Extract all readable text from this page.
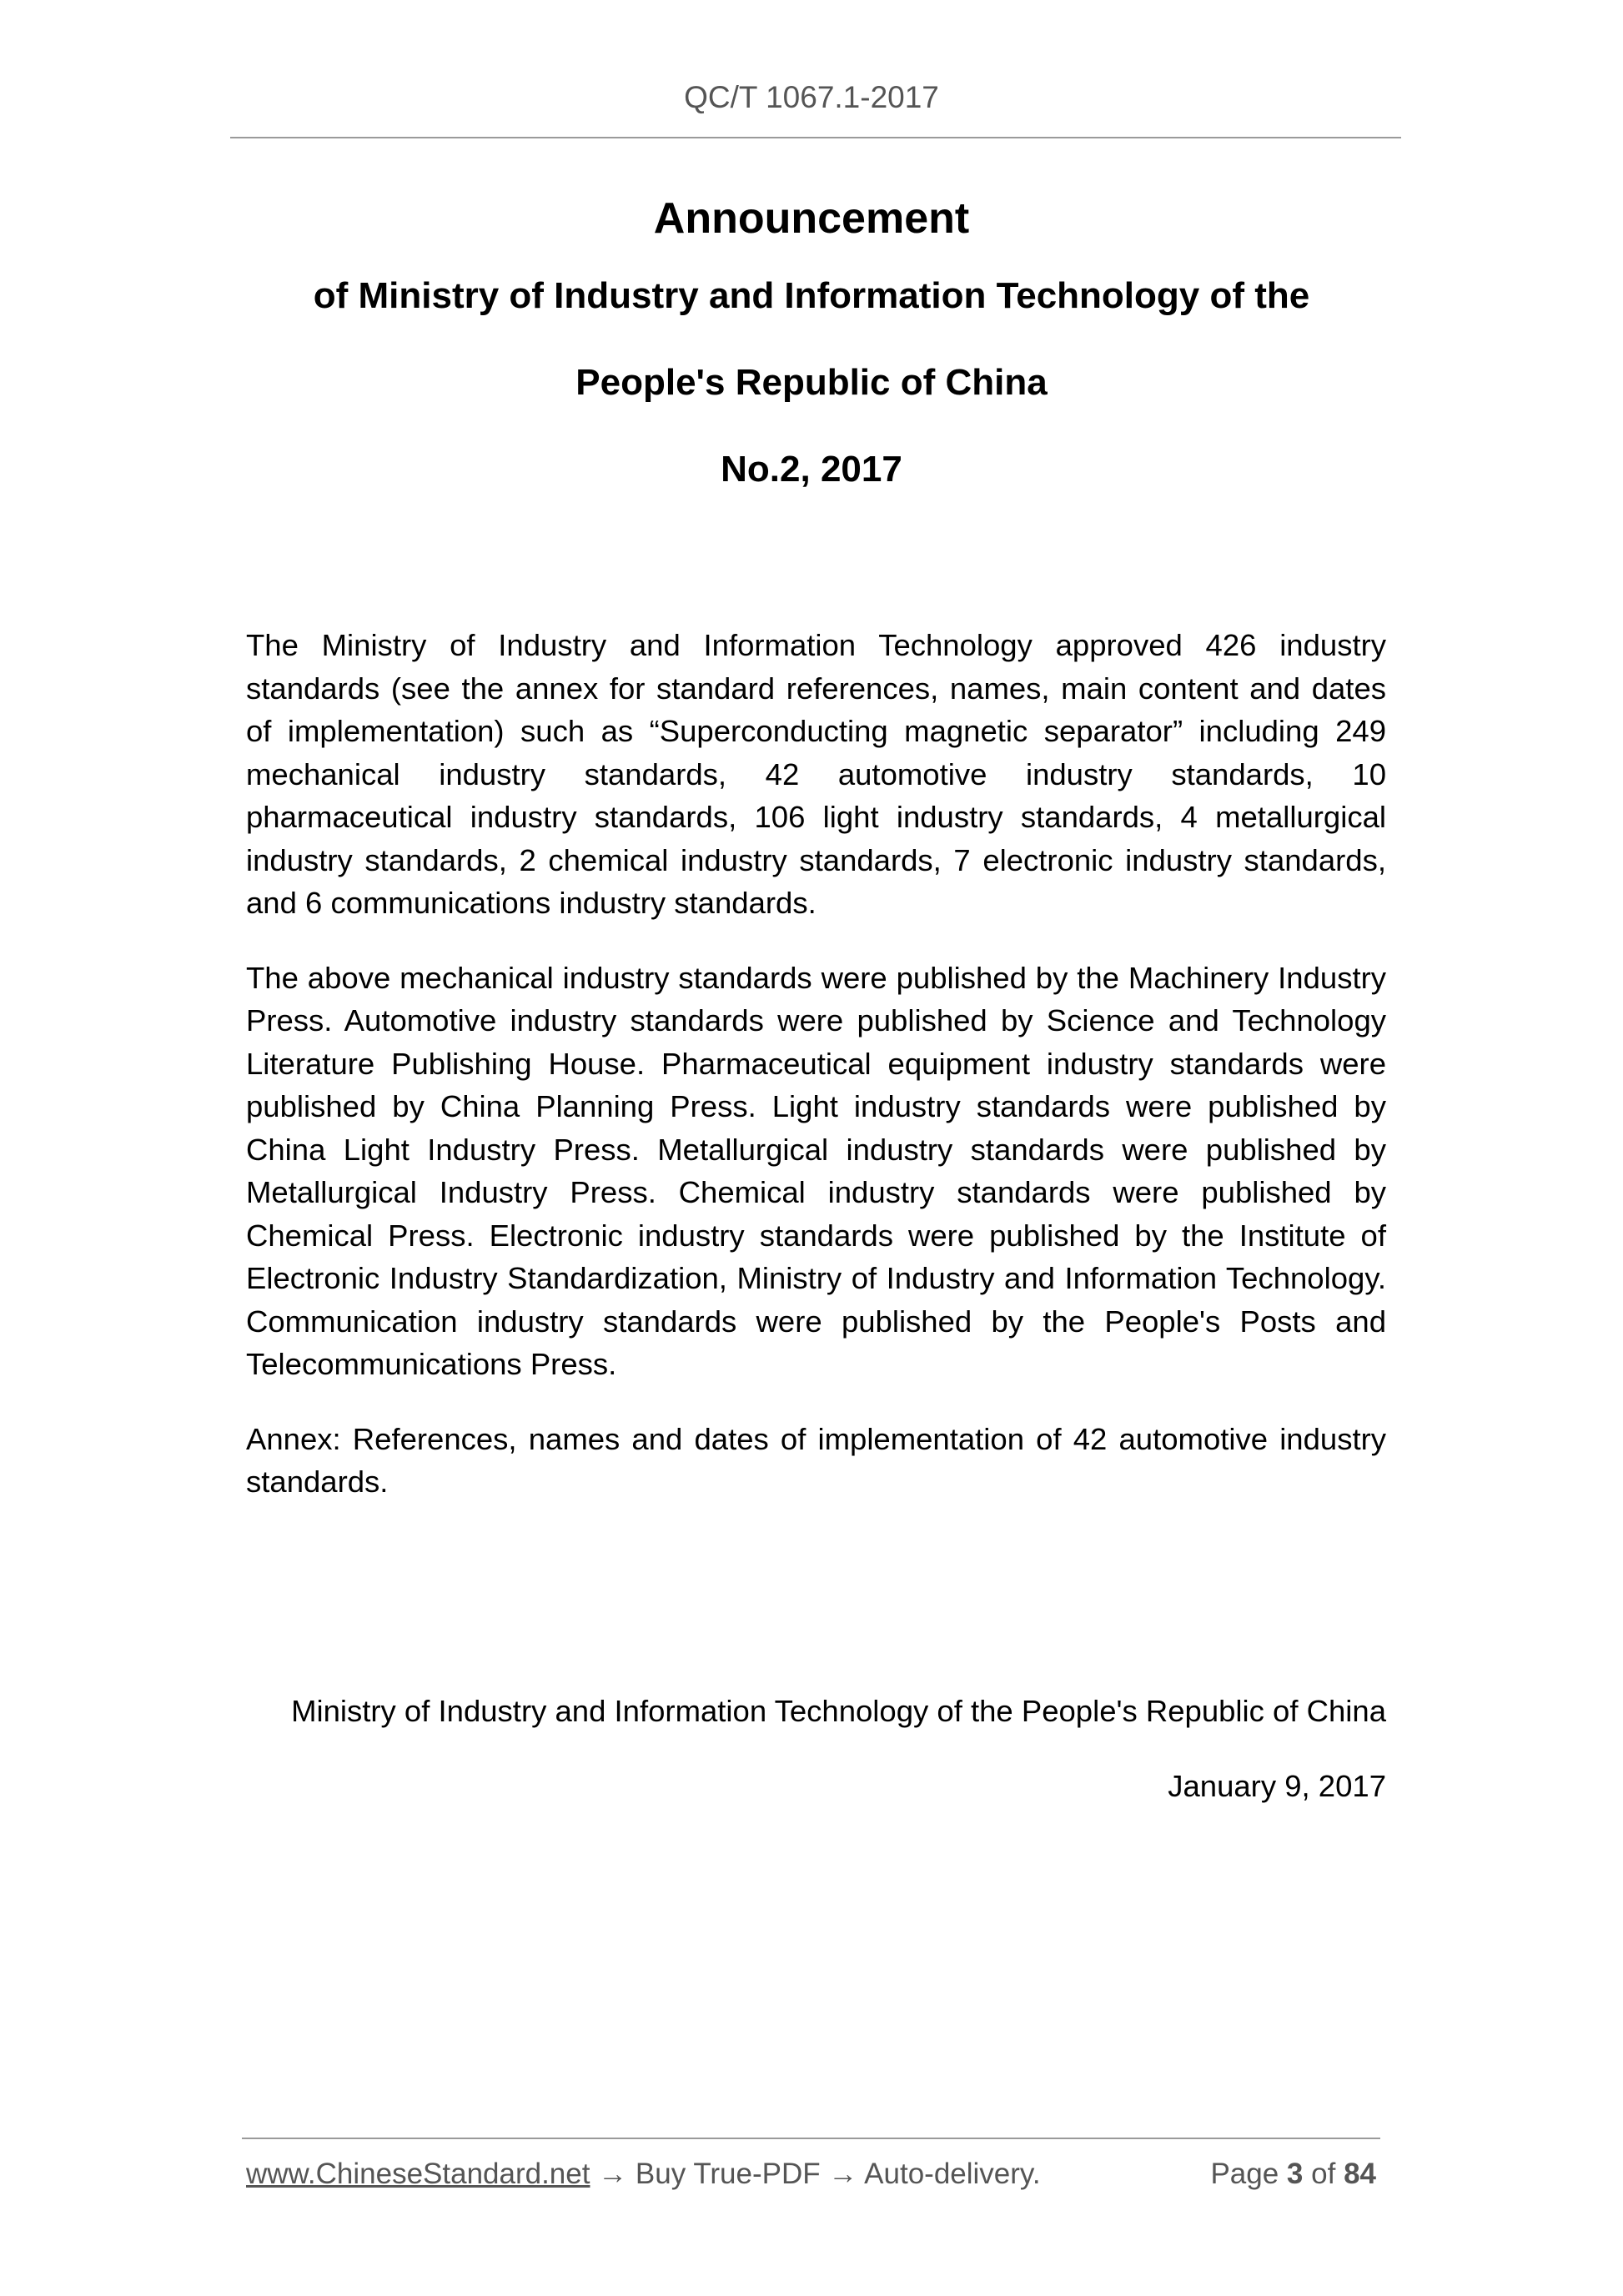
QC/T 1067.1-2017
Announcement
of Ministry of Industry and Information Technology of the
People's Republic of China
No.2, 2017

The Ministry of Industry and Information Technology approved 426 industry standards (see the annex for standard references, names, main content and dates of implementation) such as “Superconducting magnetic separator” including 249 mechanical industry standards, 42 automotive industry standards, 10 pharmaceutical industry standards, 106 light industry standards, 4 metallurgical industry standards, 2 chemical industry standards, 7 electronic industry standards, and 6 communications industry standards.

The above mechanical industry standards were published by the Machinery Industry Press. Automotive industry standards were published by Science and Technology Literature Publishing House. Pharmaceutical equipment industry standards were published by China Planning Press. Light industry standards were published by China Light Industry Press. Metallurgical industry standards were published by Metallurgical Industry Press. Chemical industry standards were published by Chemical Press. Electronic industry standards were published by the Institute of Electronic Industry Standardization, Ministry of Industry and Information Technology. Communication industry standards were published by the People's Posts and Telecommunications Press.

Annex: References, names and dates of implementation of 42 automotive industry standards.

Ministry of Industry and Information Technology of the People's Republic of China
January 9, 2017
www.ChineseStandard.net → Buy True-PDF → Auto-delivery.	Page 3 of 84
